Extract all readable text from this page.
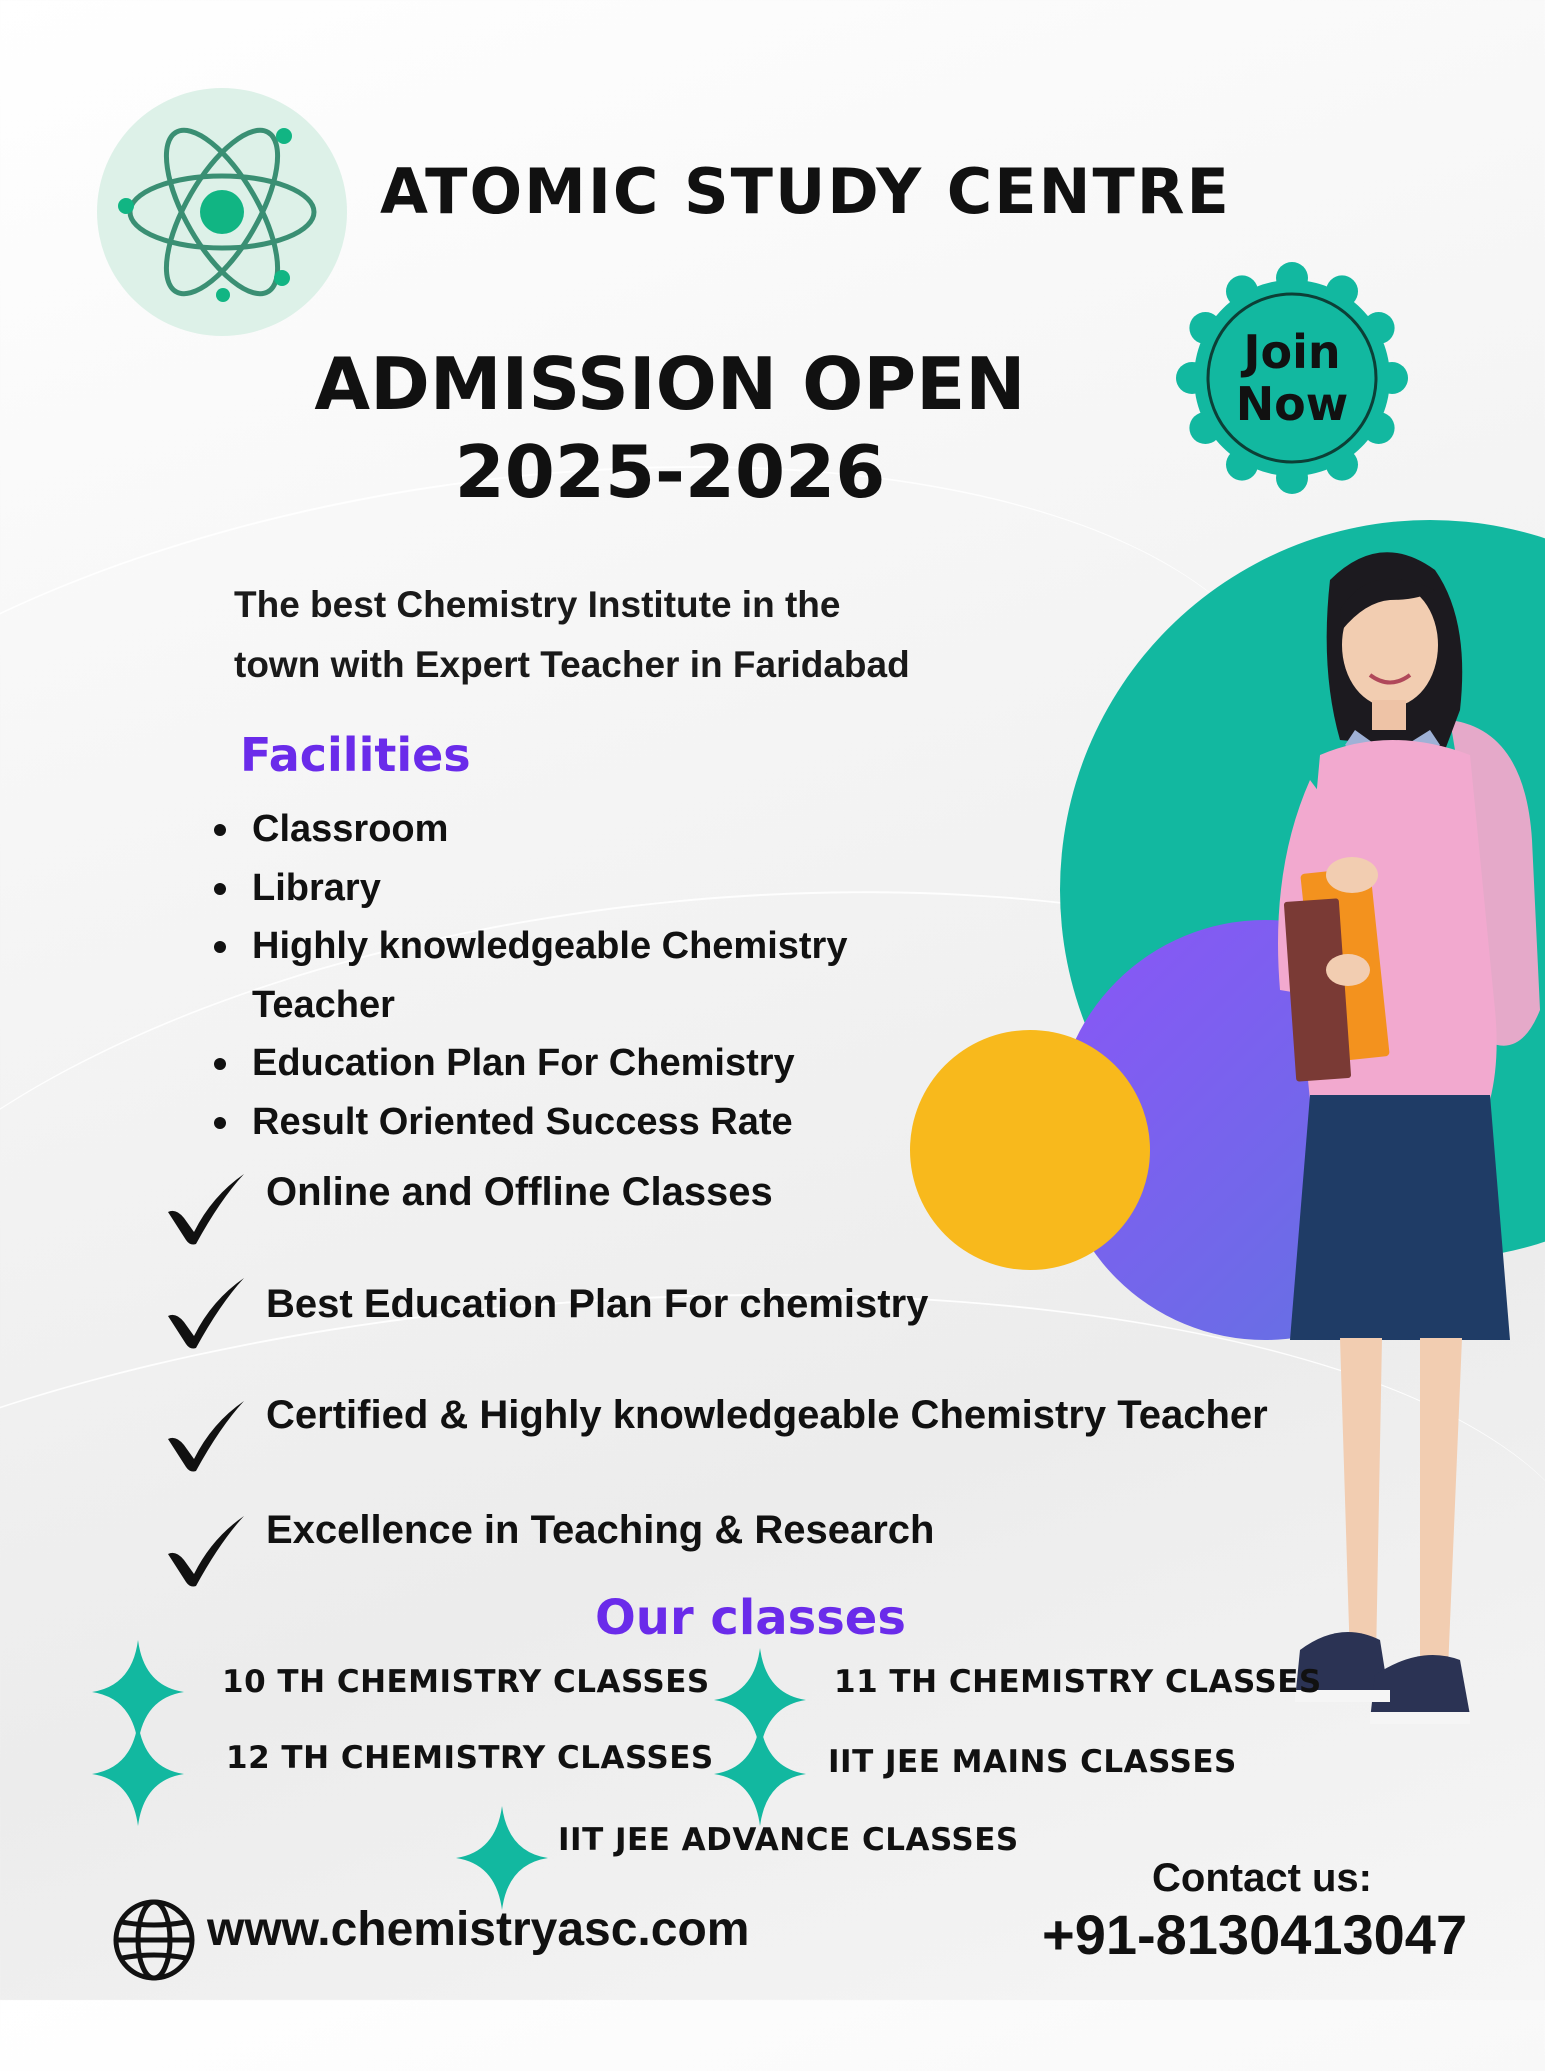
ATOMIC STUDY CENTRE
Join
Now
ADMISSION OPEN
2025-2026
The best Chemistry Institute in the
town with Expert Teacher in Faridabad
Facilities
Classroom
Library
Highly knowledgeable Chemistry Teacher
Education Plan For Chemistry
Result Oriented Success Rate
Online and Offline Classes
Best Education Plan For chemistry
Certified & Highly knowledgeable Chemistry Teacher
Excellence in Teaching & Research
Our classes
10 TH CHEMISTRY CLASSES	11 TH CHEMISTRY CLASSES
12 TH CHEMISTRY CLASSES	IIT JEE MAINS CLASSES
IIT JEE ADVANCE CLASSES
www.chemistryasc.com
Contact us:
+91-8130413047
